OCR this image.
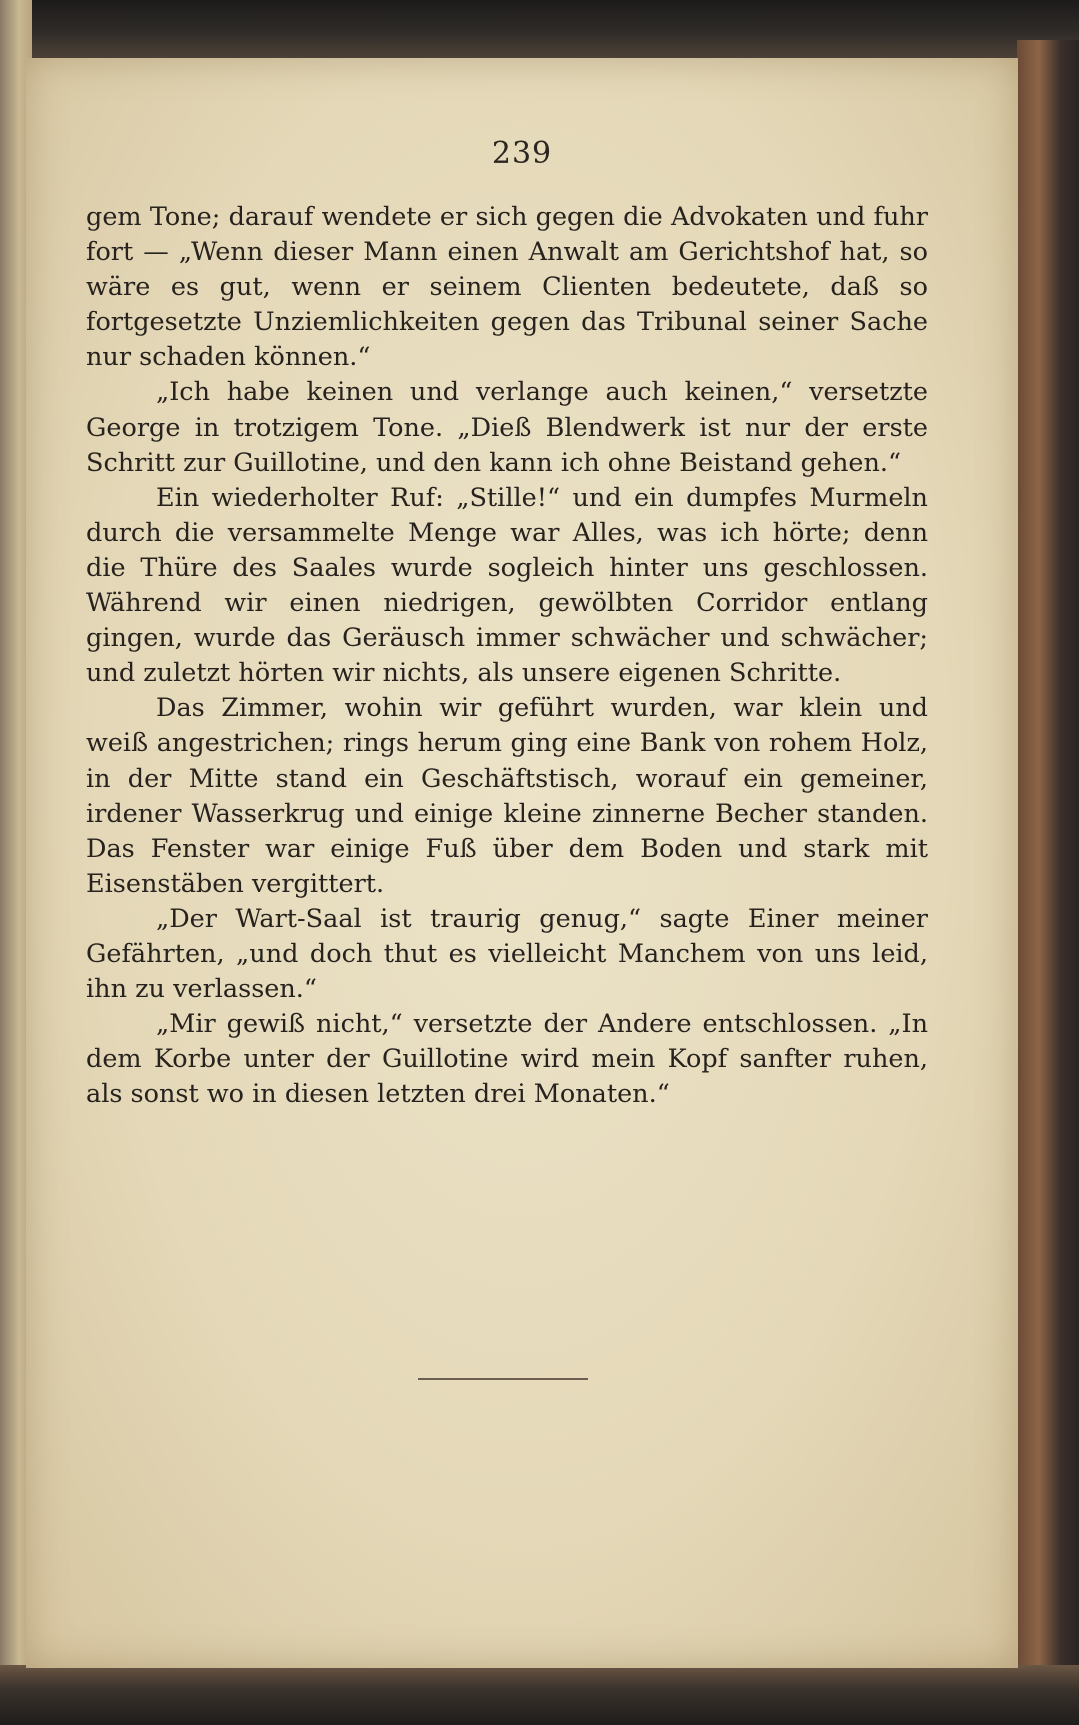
239

gem Tone; darauf wendete er sich gegen die Advokaten und fuhr fort — „Wenn dieser Mann einen Anwalt am Gerichtshof hat, so wäre es gut, wenn er seinem Clienten bedeutete, daß so fortgesetzte Unziemlichkeiten gegen das Tribunal seiner Sache nur schaden können.“

„Ich habe keinen und verlange auch keinen,“ versetzte George in trotzigem Tone. „Dieß Blendwerk ist nur der erste Schritt zur Guillotine, und den kann ich ohne Beistand gehen.“

Ein wiederholter Ruf: „Stille!“ und ein dumpfes Murmeln durch die versammelte Menge war Alles, was ich hörte; denn die Thüre des Saales wurde sogleich hinter uns geschlossen. Während wir einen niedrigen, gewölbten Corridor entlang gingen, wurde das Geräusch immer schwächer und schwächer; und zuletzt hörten wir nichts, als unsere eigenen Schritte.

Das Zimmer, wohin wir geführt wurden, war klein und weiß angestrichen; rings herum ging eine Bank von rohem Holz, in der Mitte stand ein Geschäftstisch, worauf ein gemeiner, irdener Wasserkrug und einige kleine zinnerne Becher standen. Das Fenster war einige Fuß über dem Boden und stark mit Eisenstäben vergittert.

„Der Wart-Saal ist traurig genug,“ sagte Einer meiner Gefährten, „und doch thut es vielleicht Manchem von uns leid, ihn zu verlassen.“

„Mir gewiß nicht,“ versetzte der Andere entschlossen. „In dem Korbe unter der Guillotine wird mein Kopf sanfter ruhen, als sonst wo in diesen letzten drei Monaten.“
